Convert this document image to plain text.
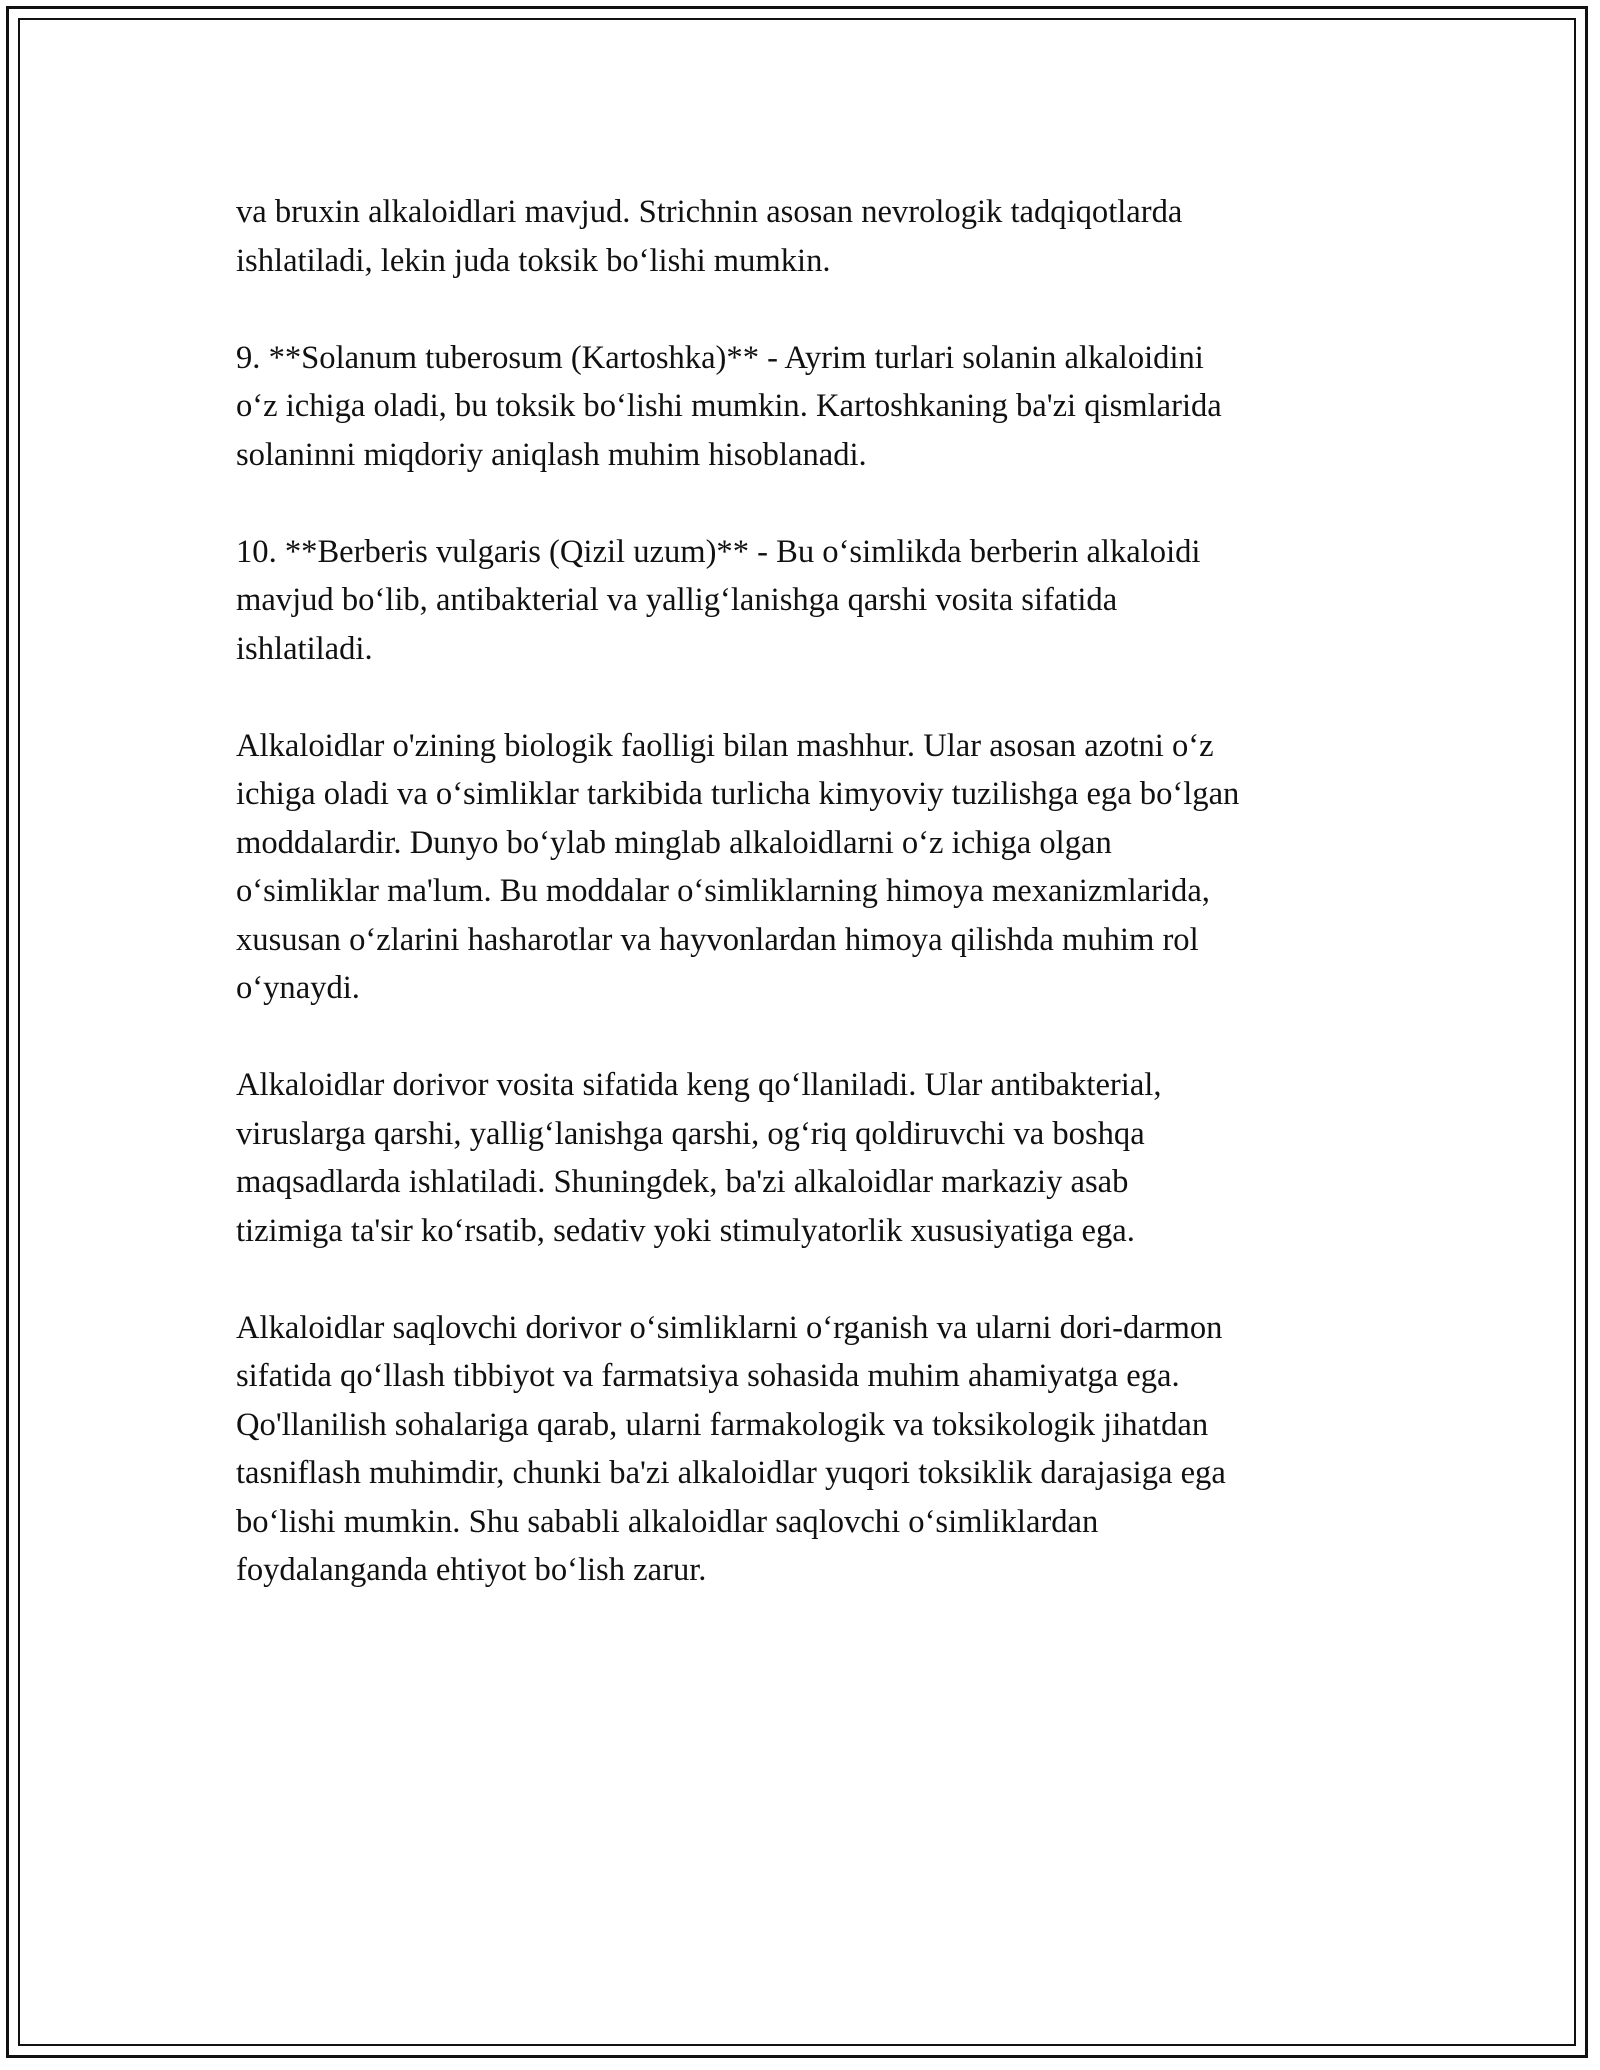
va bruxin alkaloidlari mavjud. Strichnin asosan nevrologik tadqiqotlarda
ishlatiladi, lekin juda toksik bo‘lishi mumkin.

9. **Solanum tuberosum (Kartoshka)** - Ayrim turlari solanin alkaloidini
o‘z ichiga oladi, bu toksik bo‘lishi mumkin. Kartoshkaning ba'zi qismlarida
solaninni miqdoriy aniqlash muhim hisoblanadi.

10. **Berberis vulgaris (Qizil uzum)** - Bu o‘simlikda berberin alkaloidi
mavjud bo‘lib, antibakterial va yallig‘lanishga qarshi vosita sifatida
ishlatiladi.

Alkaloidlar o'zining biologik faolligi bilan mashhur. Ular asosan azotni o‘z
ichiga oladi va o‘simliklar tarkibida turlicha kimyoviy tuzilishga ega bo‘lgan
moddalardir. Dunyo bo‘ylab minglab alkaloidlarni o‘z ichiga olgan
o‘simliklar ma'lum. Bu moddalar o‘simliklarning himoya mexanizmlarida,
xususan o‘zlarini hasharotlar va hayvonlardan himoya qilishda muhim rol
o‘ynaydi.

Alkaloidlar dorivor vosita sifatida keng qo‘llaniladi. Ular antibakterial,
viruslarga qarshi, yallig‘lanishga qarshi, og‘riq qoldiruvchi va boshqa
maqsadlarda ishlatiladi. Shuningdek, ba'zi alkaloidlar markaziy asab
tizimiga ta'sir ko‘rsatib, sedativ yoki stimulyatorlik xususiyatiga ega.

Alkaloidlar saqlovchi dorivor o‘simliklarni o‘rganish va ularni dori-darmon
sifatida qo‘llash tibbiyot va farmatsiya sohasida muhim ahamiyatga ega.
Qo'llanilish sohalariga qarab, ularni farmakologik va toksikologik jihatdan
tasniflash muhimdir, chunki ba'zi alkaloidlar yuqori toksiklik darajasiga ega
bo‘lishi mumkin. Shu sababli alkaloidlar saqlovchi o‘simliklardan
foydalanganda ehtiyot bo‘lish zarur.
